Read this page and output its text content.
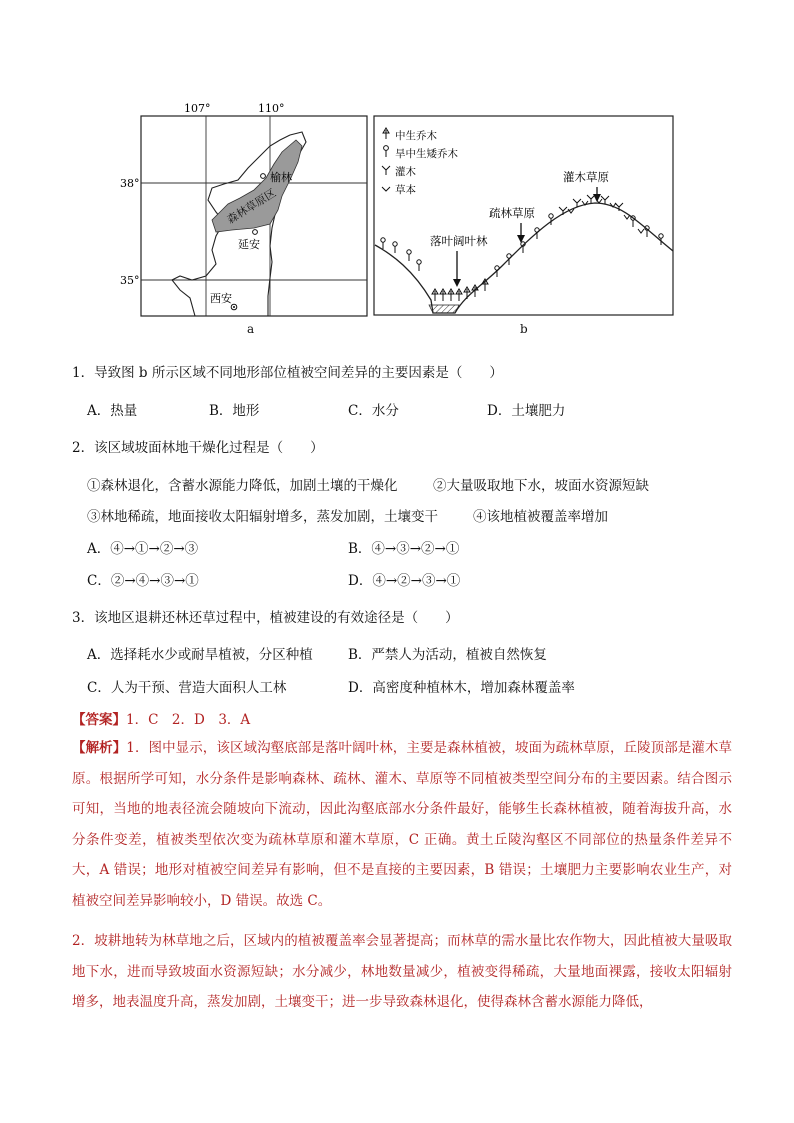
森林草原区
107°	110°
38°
35°
榆林
延安
西安
a
中生乔木
旱中生矮乔木
灌木
草本
落叶阔叶林
疏林草原
灌木草原
b
1．导致图 b 所示区域不同地形部位植被空间差异的主要因素是（　　）
A．热量	B．地形	C．水分	D．土壤肥力
2．该区域坡面林地干燥化过程是（　　）
①森林退化，含蓄水源能力降低，加剧土壤的干燥化	②大量吸取地下水，坡面水资源短缺
③林地稀疏，地面接收太阳辐射增多，蒸发加剧，土壤变干	④该地植被覆盖率增加
A．④→①→②→③	B．④→③→②→①
C．②→④→③→①	D．④→②→③→①
3．该地区退耕还林还草过程中，植被建设的有效途径是（　　）
A．选择耗水少或耐旱植被，分区种植	B．严禁人为活动，植被自然恢复
C．人为干预、营造大面积人工林	D．高密度种植林木，增加森林覆盖率
【答案】1．C　2．D　3．A
【解析】1．图中显示，该区域沟壑底部是落叶阔叶林，主要是森林植被，坡面为疏林草原，丘陵顶部是灌木草原。根据所学可知，水分条件是影响森林、疏林、灌木、草原等不同植被类型空间分布的主要因素。结合图示可知，当地的地表径流会随坡向下流动，因此沟壑底部水分条件最好，能够生长森林植被，随着海拔升高，水分条件变差，植被类型依次变为疏林草原和灌木草原，C 正确。黄土丘陵沟壑区不同部位的热量条件差异不大，A 错误；地形对植被空间差异有影响，但不是直接的主要因素，B 错误；土壤肥力主要影响农业生产，对植被空间差异影响较小，D 错误。故选 C。
2．坡耕地转为林草地之后，区域内的植被覆盖率会显著提高；而林草的需水量比农作物大，因此植被大量吸取地下水，进而导致坡面水资源短缺；水分减少，林地数量减少，植被变得稀疏，大量地面裸露，接收太阳辐射增多，地表温度升高，蒸发加剧，土壤变干；进一步导致森林退化，使得森林含蓄水源能力降低，
